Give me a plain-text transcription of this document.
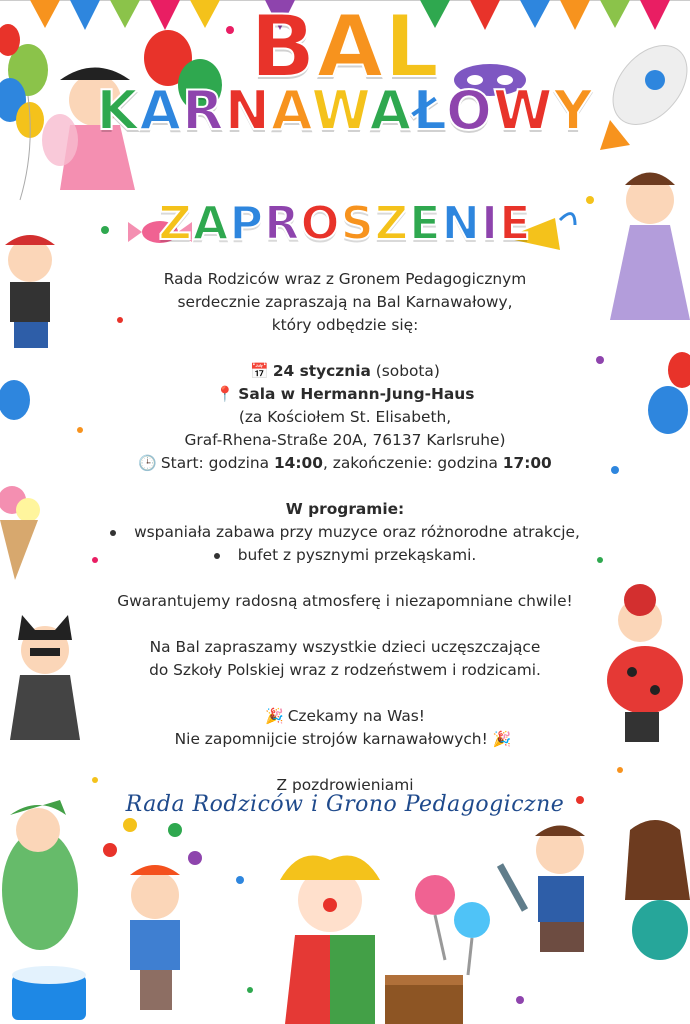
BAL
KARNAWAŁOWY
ZAPROSZENIE

Rada Rodziców wraz z Gronem Pedagogicznym

serdecznie zapraszają na Bal Karnawałowy,

który odbędzie się:

📅 24 stycznia (sobota)

📍 Sala w Hermann-Jung-Haus

(za Kościołem St. Elisabeth,

Graf-Rhena-Straße 20A, 76137 Karlsruhe)

🕒 Start: godzina 14:00, zakończenie: godzina 17:00

W programie:

wspaniała zabawa przy muzyce oraz różnorodne atrakcje,

bufet z pysznymi przekąskami.

Gwarantujemy radosną atmosferę i niezapomniane chwile!

Na Bal zapraszamy wszystkie dzieci uczęszczające

do Szkoły Polskiej wraz z rodzeństwem i rodzicami.

🎉 Czekamy na Was!

Nie zapomnijcie strojów karnawałowych! 🎉

Z pozdrowieniami

Rada Rodziców i Grono Pedagogiczne
